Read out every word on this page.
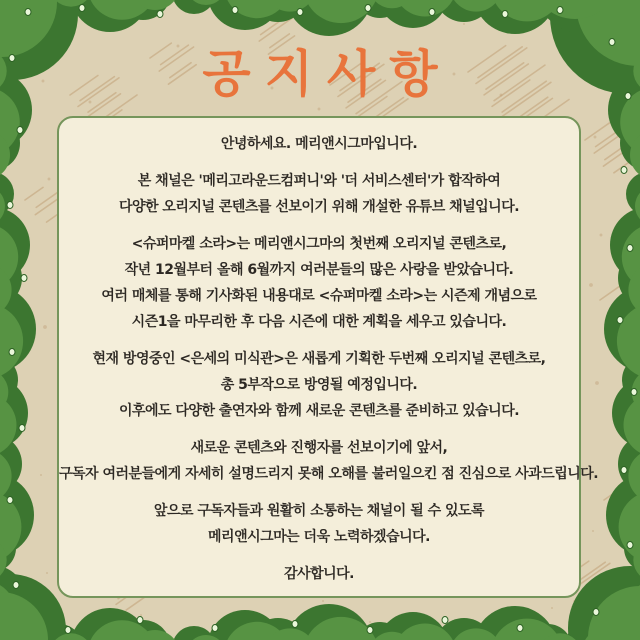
공지사항
안녕하세요. 메리앤시그마입니다.
본 채널은 '메리고라운드컴퍼니'와 '더 서비스센터'가 합작하여
다양한 오리지널 콘텐츠를 선보이기 위해 개설한 유튜브 채널입니다.
<슈퍼마켙 소라>는 메리앤시그마의 첫번째 오리지널 콘텐츠로,
작년 12월부터 올해 6월까지 여러분들의 많은 사랑을 받았습니다.
여러 매체를 통해 기사화된 내용대로 <슈퍼마켙 소라>는 시즌제 개념으로
시즌1을 마무리한 후 다음 시즌에 대한 계획을 세우고 있습니다.
현재 방영중인 <은세의 미식관>은 새롭게 기획한 두번째 오리지널 콘텐츠로,
총 5부작으로 방영될 예정입니다.
이후에도 다양한 출연자와 함께 새로운 콘텐츠를 준비하고 있습니다.
새로운 콘텐츠와 진행자를 선보이기에 앞서,
구독자 여러분들에게 자세히 설명드리지 못해 오해를 불러일으킨 점 진심으로 사과드립니다.
앞으로 구독자들과 원활히 소통하는 채널이 될 수 있도록
메리앤시그마는 더욱 노력하겠습니다.
감사합니다.
